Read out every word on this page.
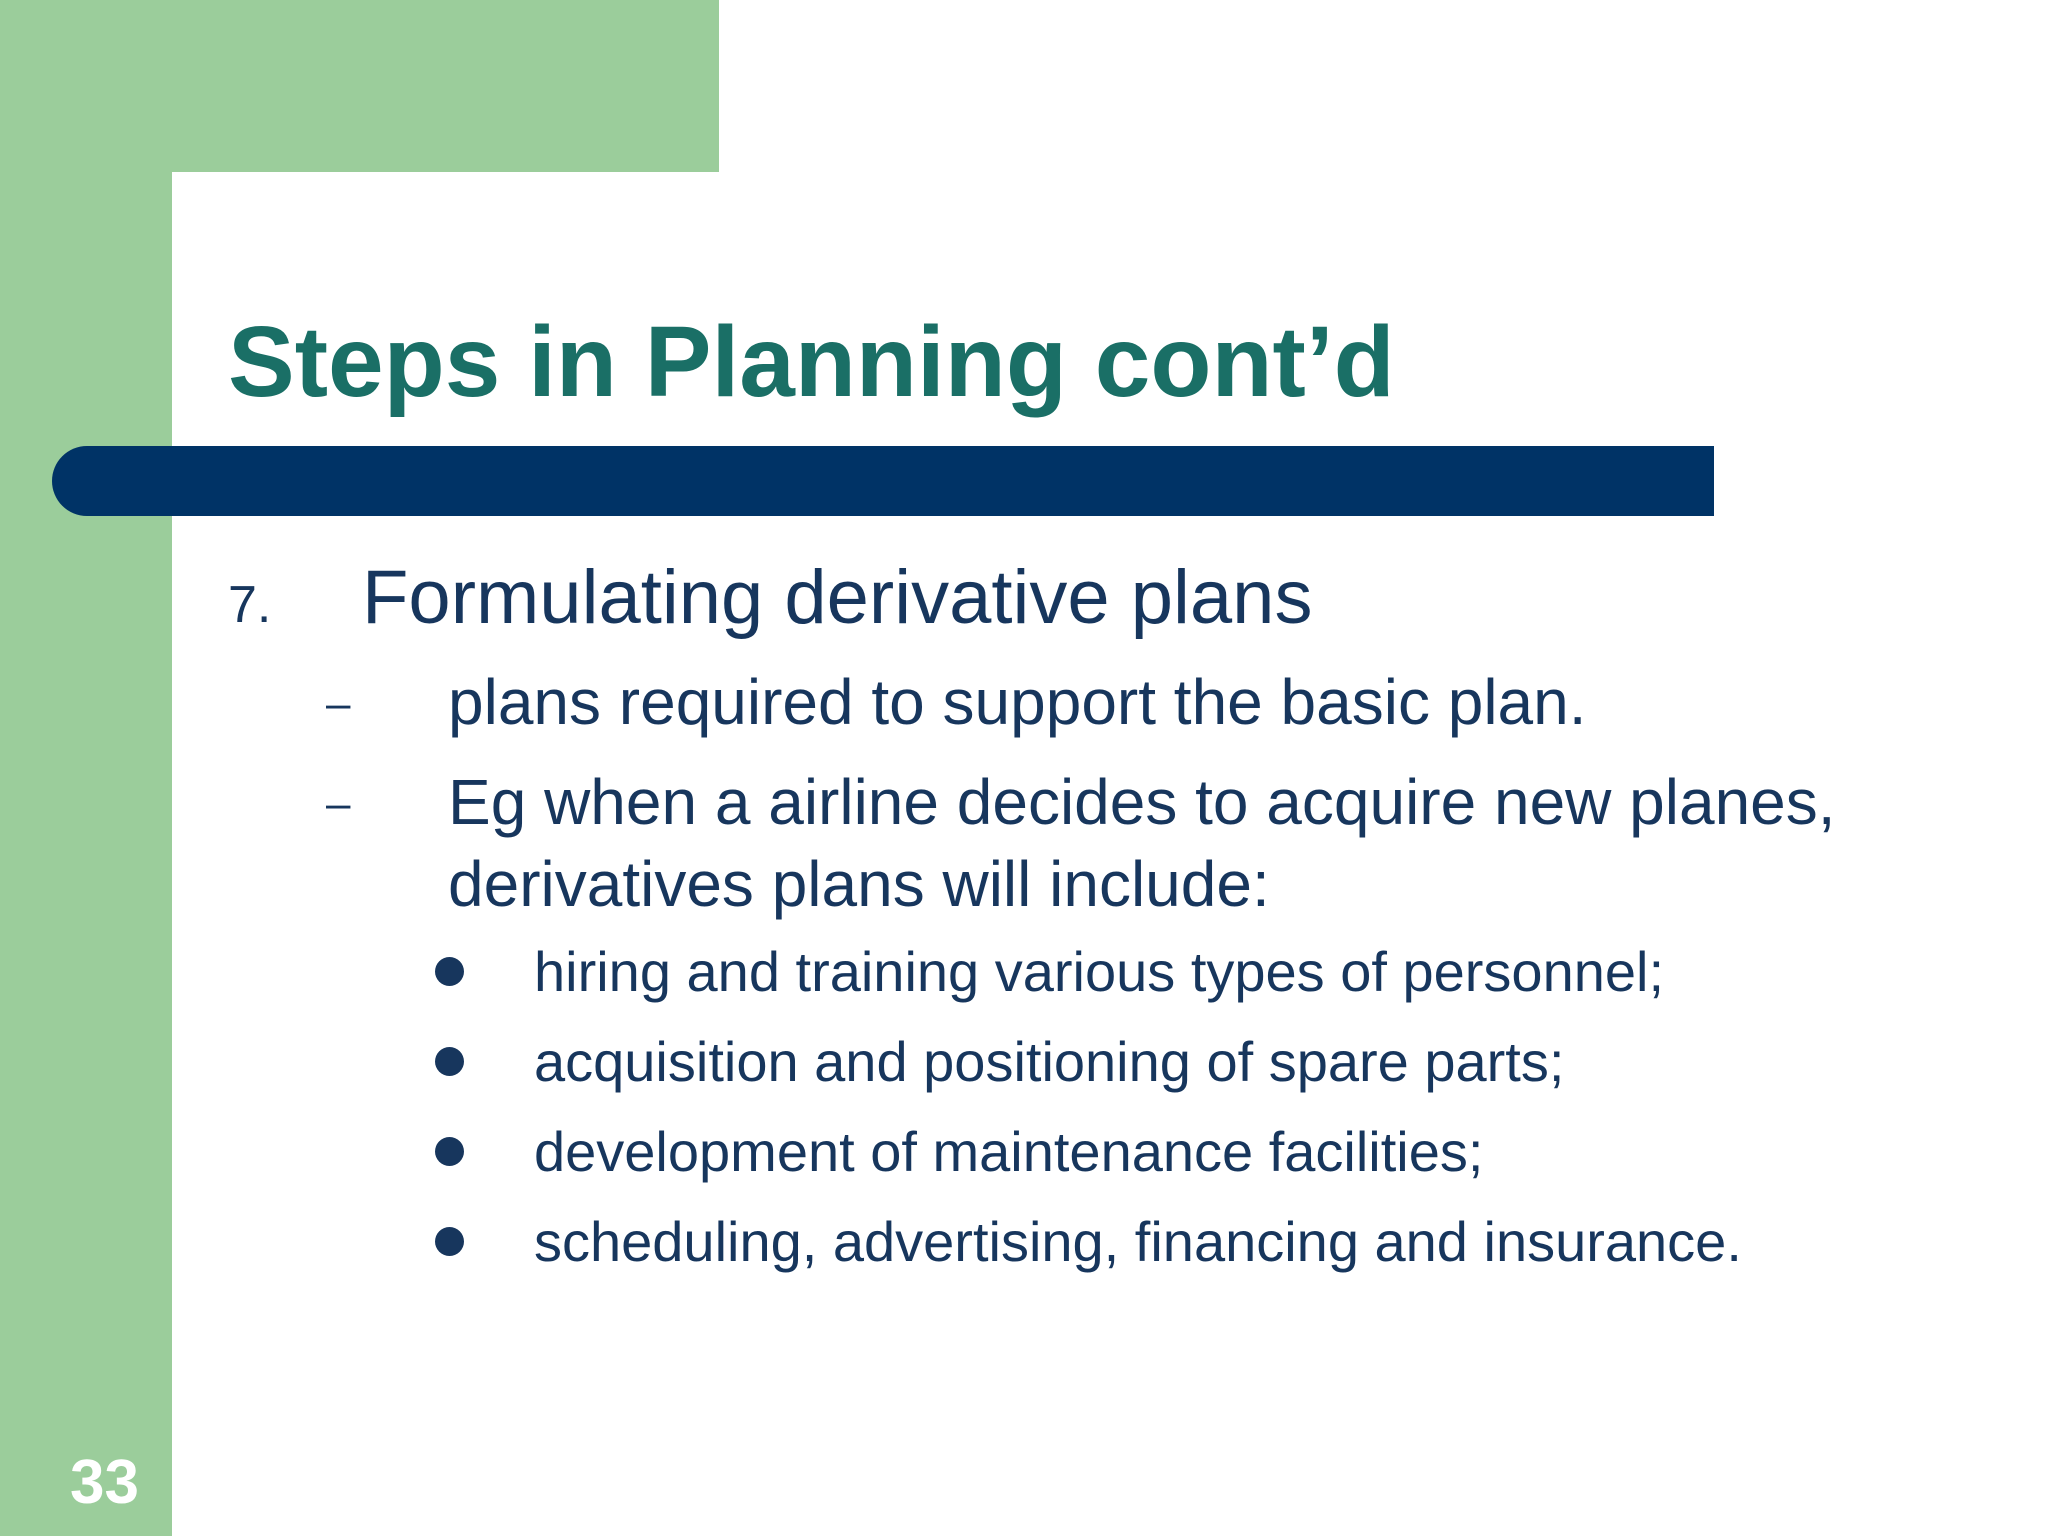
Steps in Planning cont’d
7. Formulating derivative plans
– plans required to support the basic plan.
– Eg when a airline decides to acquire new planes,
derivatives plans will include:
hiring and training various types of personnel;
acquisition and positioning of spare parts;
development of maintenance facilities;
scheduling, advertising, financing and insurance.
33
